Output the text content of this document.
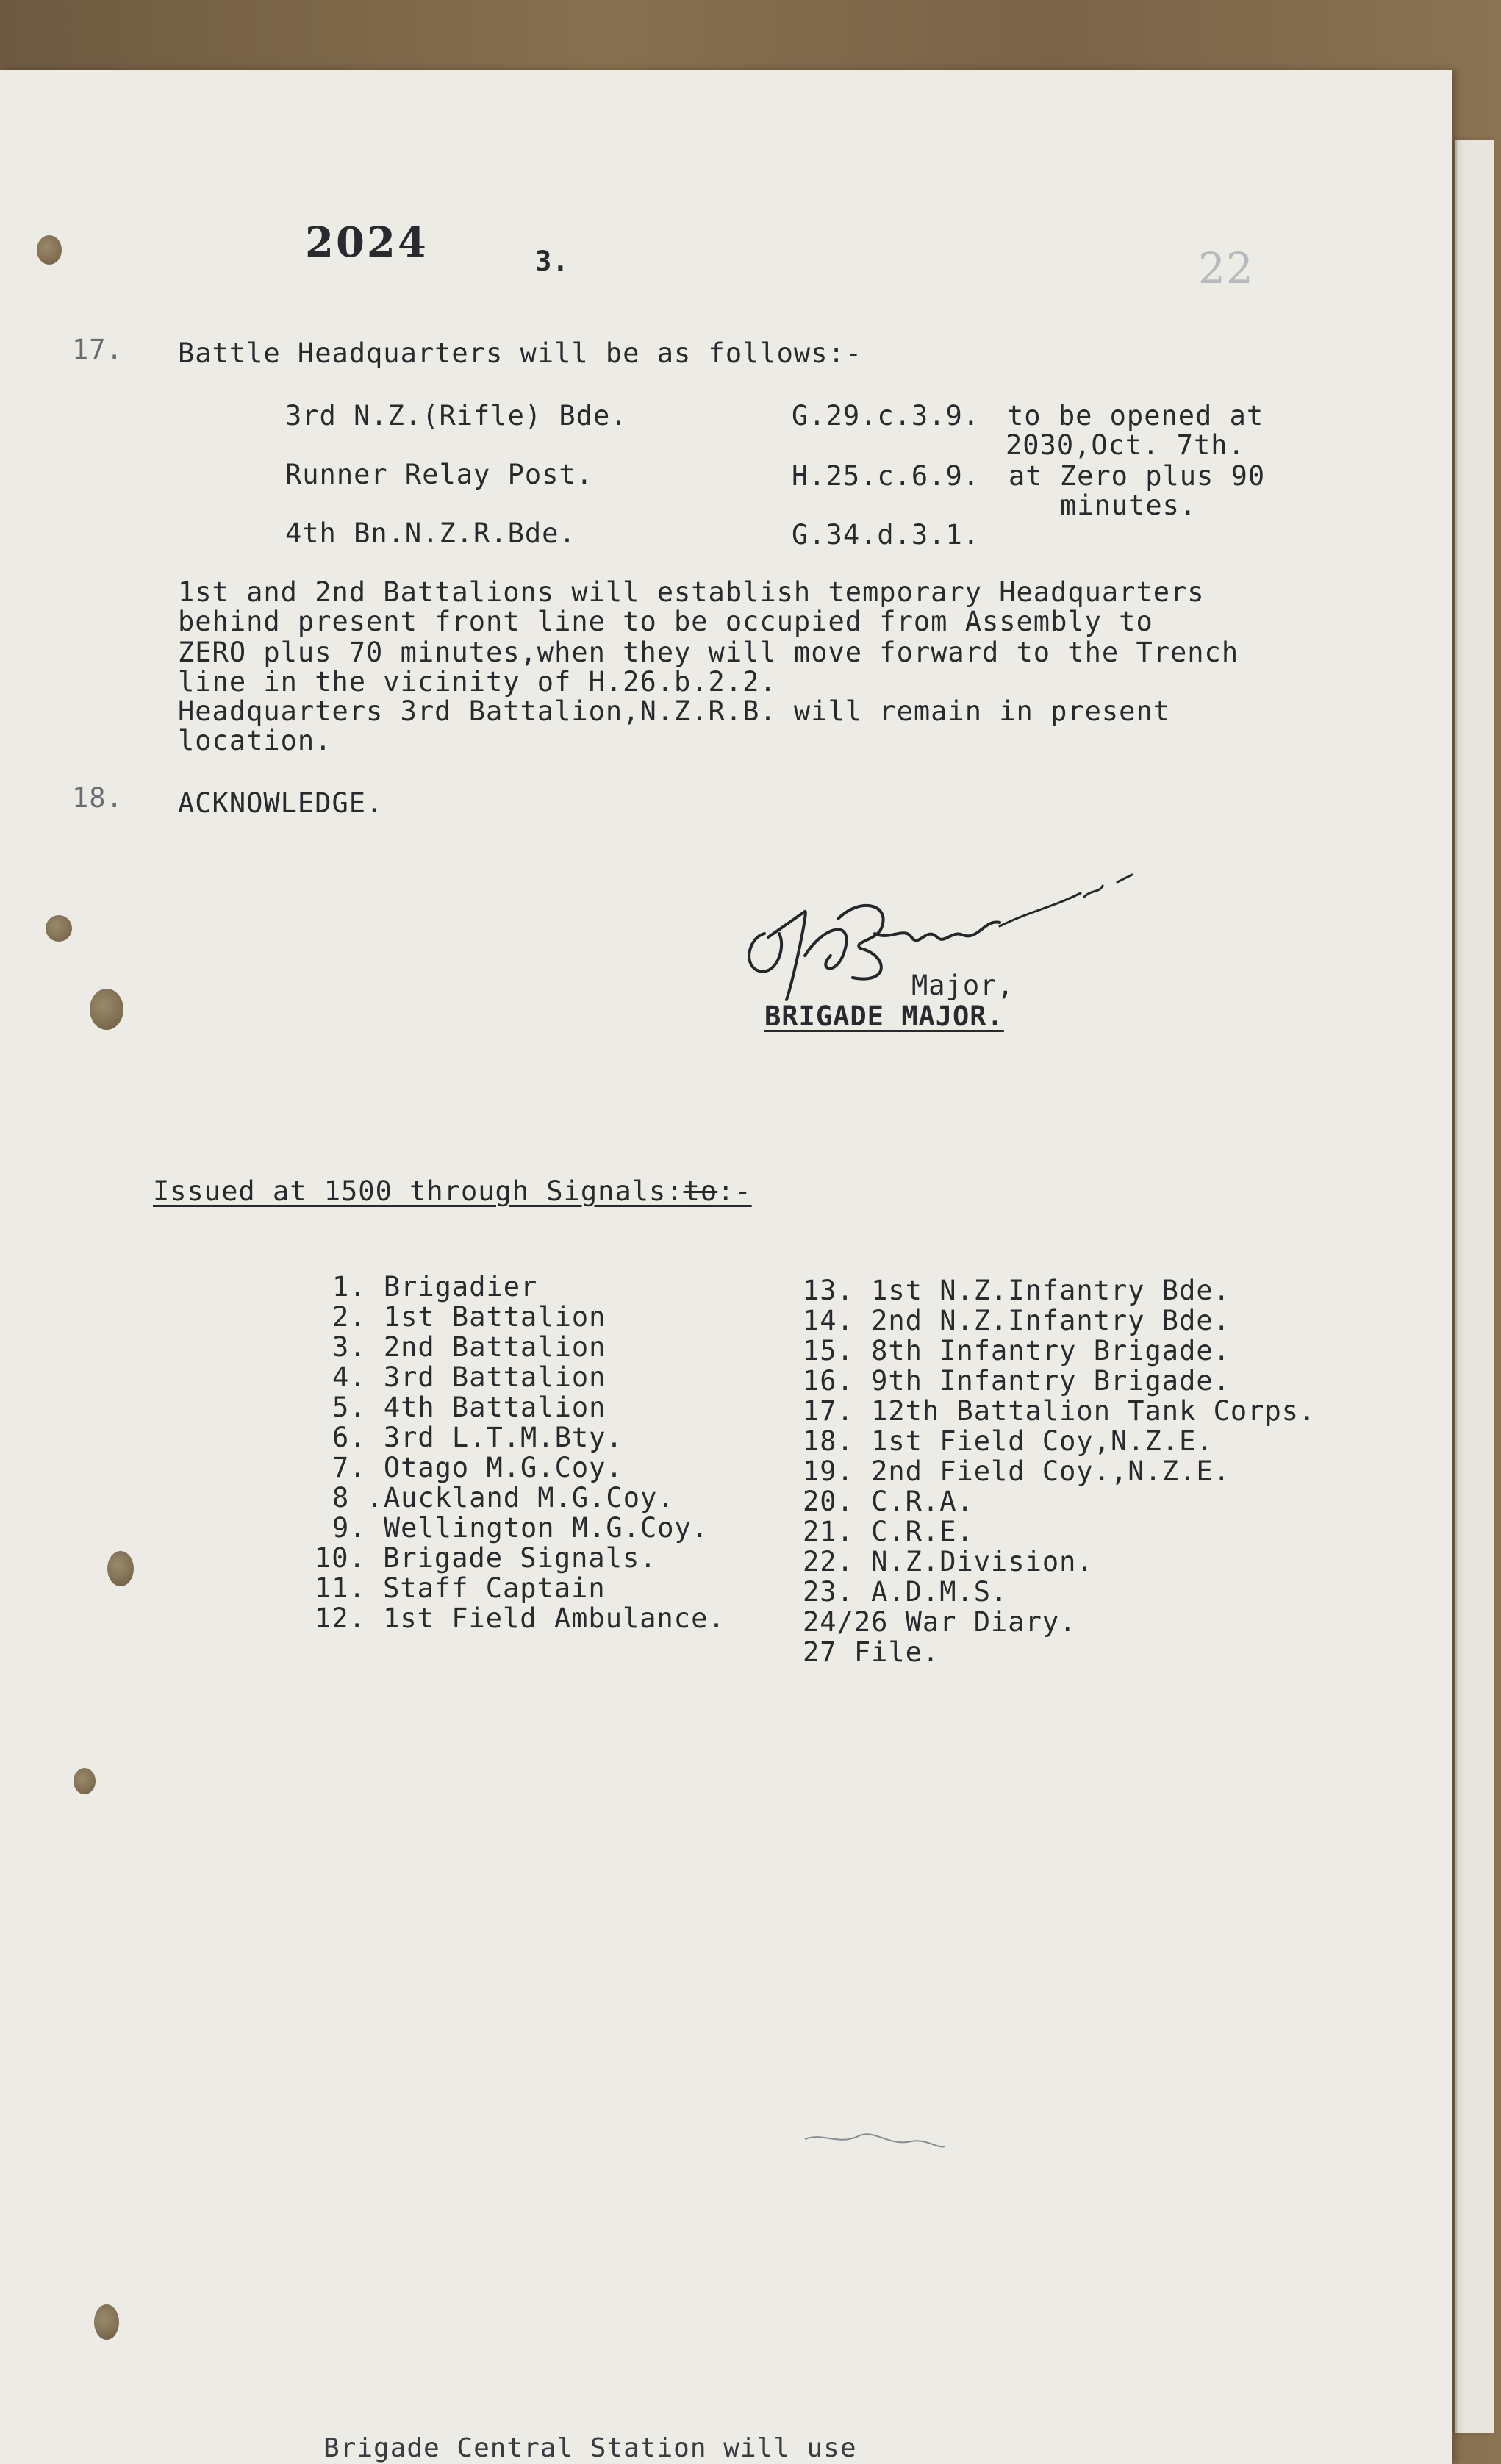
2024	3.	22
17. Battle Headquarters will be as follows:-
3rd N.Z.(Rifle) Bde.	G.29.c.3.9. to be opened at
2030,Oct. 7th.
Runner Relay Post.	H.25.c.6.9. at Zero plus 90
minutes.
4th Bn.N.Z.R.Bde.	G.34.d.3.1.
1st and 2nd Battalions will establish temporary Headquarters
behind present front line to be occupied from Assembly to
ZERO plus 70 minutes,when they will move forward to the Trench
line in the vicinity of H.26.b.2.2.
Headquarters 3rd Battalion,N.Z.R.B. will remain in present
location.
18. ACKNOWLEDGE.
Major,
BRIGADE MAJOR.
Issued at 1500 through Signals:to:-
1. Brigadier
2. 1st Battalion
3. 2nd Battalion
4. 3rd Battalion
5. 4th Battalion
6. 3rd L.T.M.Bty.
7. Otago M.G.Coy.
8 .Auckland M.G.Coy.
9. Wellington M.G.Coy.
10. Brigade Signals.
11. Staff Captain
12. 1st Field Ambulance.
13. 1st N.Z.Infantry Bde.
14. 2nd N.Z.Infantry Bde.
15. 8th Infantry Brigade.
16. 9th Infantry Brigade.
17. 12th Battalion Tank Corps.
18. 1st Field Coy,N.Z.E.
19. 2nd Field Coy.,N.Z.E.
20. C.R.A.
21. C.R.E.
22. N.Z.Division.
23. A.D.M.S.
24/26 War Diary.
27 File.
Brigade Central Station will use
